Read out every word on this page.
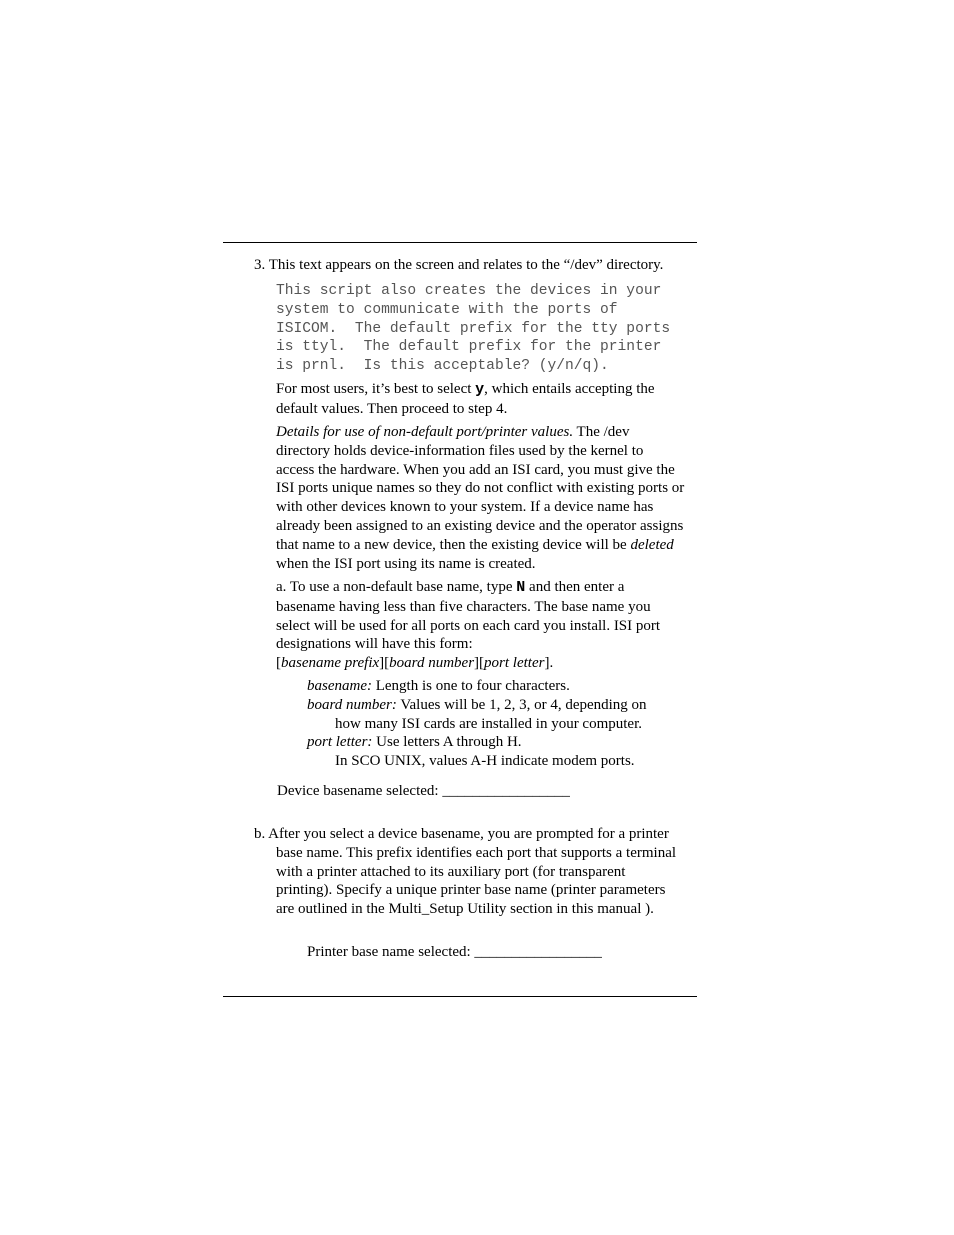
3. This text appears on the screen and relates to the “/dev” directory.
This script also creates the devices in your
system to communicate with the ports of
ISICOM.  The default prefix for the tty ports
is ttyl.  The default prefix for the printer
is prnl.  Is this acceptable? (y/n/q).
For most users, it’s best to select y, which entails accepting the
default values. Then proceed to step 4.
Details for use of non-default port/printer values. The /dev
directory holds device-information files used by the kernel to
access the hardware. When you add an ISI card, you must give the
ISI ports unique names so they do not conflict with existing ports or
with other devices known to your system. If a device name has
already been assigned to an existing device and the operator assigns
that name to a new device, then the existing device will be deleted
when the ISI port using its name is created.
a. To use a non-default base name, type N and then enter a
basename having less than five characters. The base name you
select will be used for all ports on each card you install. ISI port
designations will have this form:
[basename prefix][board number][port letter].
basename: Length is one to four characters.
board number: Values will be 1, 2, 3, or 4, depending on
how many ISI cards are installed in your computer.
port letter: Use letters A through H.
In SCO UNIX, values A-H indicate modem ports.
Device basename selected: _________________
b. After you select a device basename, you are prompted for a printer
base name. This prefix identifies each port that supports a terminal
with a printer attached to its auxiliary port (for transparent
printing). Specify a unique printer base name (printer parameters
are outlined in the Multi_Setup Utility section in this manual ).
Printer base name selected: _________________
